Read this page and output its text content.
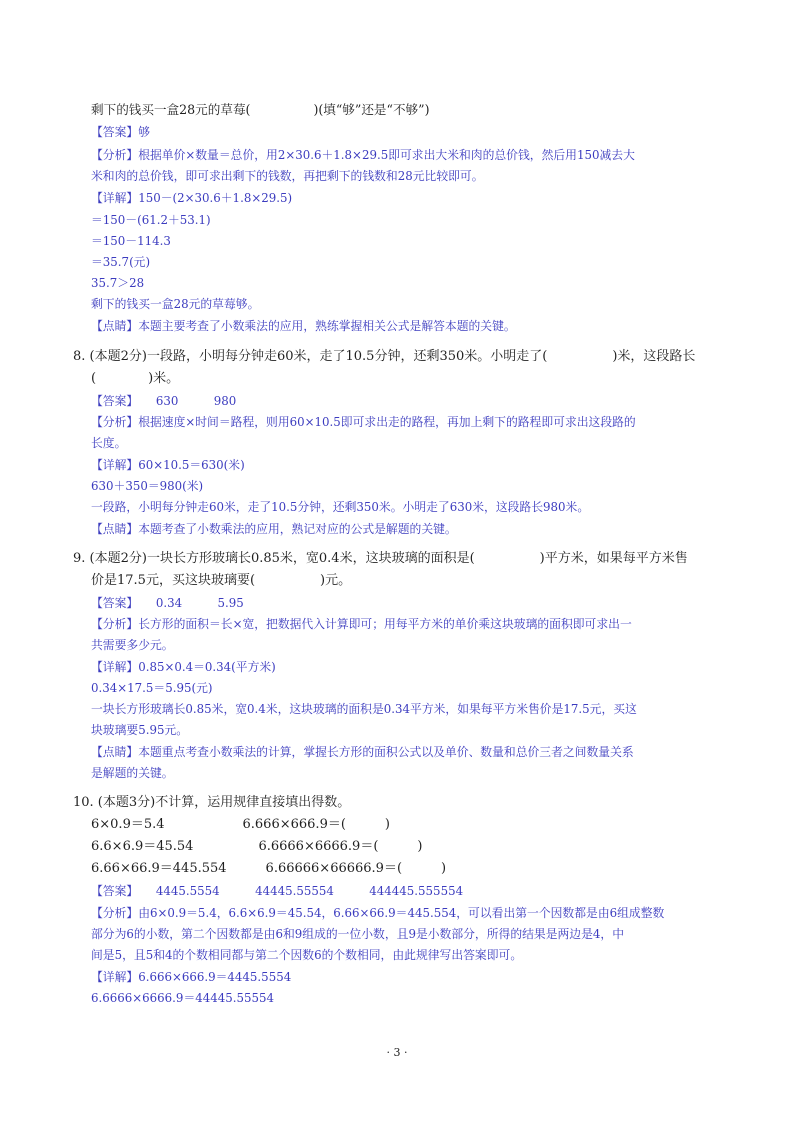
剩下的钱买一盒28元的草莓(　　　　　)(填“够”还是“不够”)
【答案】够
【分析】根据单价×数量＝总价，用2×30.6＋1.8×29.5即可求出大米和肉的总价钱，然后用150减去大
米和肉的总价钱，即可求出剩下的钱数，再把剩下的钱数和28元比较即可。
【详解】150－(2×30.6＋1.8×29.5)
＝150－(61.2＋53.1)
＝150－114.3
＝35.7(元)
35.7＞28
剩下的钱买一盒28元的草莓够。
【点睛】本题主要考查了小数乘法的应用，熟练掌握相关公式是解答本题的关键。
8. (本题2分)一段路，小明每分钟走60米，走了10.5分钟，还剩350米。小明走了(　　　　　)米，这段路长
(　　　　)米。
【答案】　　630　　　980
【分析】根据速度×时间＝路程，则用60×10.5即可求出走的路程，再加上剩下的路程即可求出这段路的
长度。
【详解】60×10.5＝630(米)
630＋350＝980(米)
一段路，小明每分钟走60米，走了10.5分钟，还剩350米。小明走了630米，这段路长980米。
【点睛】本题考查了小数乘法的应用，熟记对应的公式是解题的关键。
9. (本题2分)一块长方形玻璃长0.85米，宽0.4米，这块玻璃的面积是(　　　　　)平方米，如果每平方米售
价是17.5元，买这块玻璃要(　　　　　)元。
【答案】　　0.34　　　5.95
【分析】长方形的面积＝长×宽，把数据代入计算即可；用每平方米的单价乘这块玻璃的面积即可求出一
共需要多少元。
【详解】0.85×0.4＝0.34(平方米)
0.34×17.5＝5.95(元)
一块长方形玻璃长0.85米，宽0.4米，这块玻璃的面积是0.34平方米，如果每平方米售价是17.5元，买这
块玻璃要5.95元。
【点睛】本题重点考查小数乘法的计算，掌握长方形的面积公式以及单价、数量和总价三者之间数量关系
是解题的关键。
10. (本题3分)不计算，运用规律直接填出得数。
6×0.9＝5.4　　　　　　6.666×666.9＝(　　　)
6.6×6.9＝45.54　　　　　6.6666×6666.9＝(　　　)
6.66×66.9＝445.554　　　6.66666×66666.9＝(　　　)
【答案】　　4445.5554　　　44445.55554　　　444445.555554
【分析】由6×0.9＝5.4，6.6×6.9＝45.54，6.66×66.9＝445.554，可以看出第一个因数都是由6组成整数
部分为6的小数，第二个因数都是由6和9组成的一位小数，且9是小数部分，所得的结果是两边是4，中
间是5，且5和4的个数相同都与第二个因数6的个数相同，由此规律写出答案即可。
【详解】6.666×666.9＝4445.5554
6.6666×6666.9＝44445.55554
· 3 ·
